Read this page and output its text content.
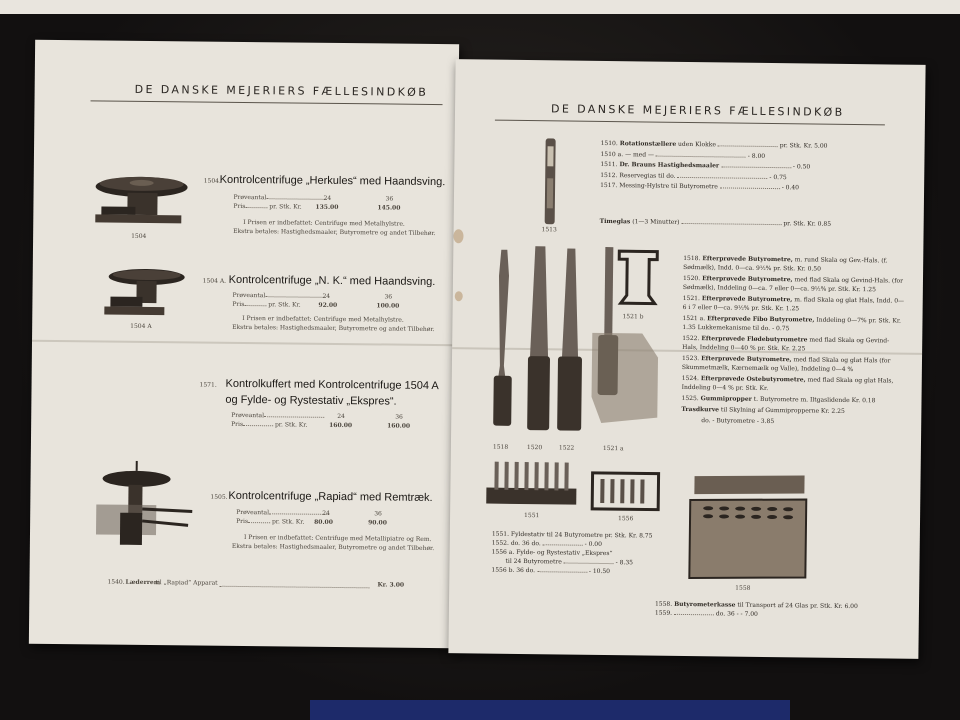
DE DANSKE MEJERIERS FÆLLESINDKØB
1504
1504.
Kontrolcentrifuge „Herkules“ med Haandsving.
Prøveantal	24	36
Pris	pr. Stk. Kr. 135.00	145.00
I Prisen er indbefattet: Centrifuge med Metalhylstre.
Ekstra betales: Hastighedsmaaler, Butyrometre og andet Tilbehør.
1504 A
1504 A. Kontrolcentrifuge „N. K.“ med Haandsving.
Prøveantal	24	36
Pris	pr. Stk. Kr.	92.00	100.00
I Prisen er indbefattet: Centrifuge med Metalhylstre.
Ekstra betales: Hastighedsmaaler, Butyrometre og andet Tilbehør.
1571. Kontrolkuffert med Kontrolcentrifuge 1504 A
og Fylde- og Rystestativ „Ekspres“.
Prøveantal	24	36
Pris	pr. Stk. Kr.	160.00	160.00
1505. Kontrolcentrifuge „Rapiad“ med Remtræk.
Prøveantal	24	36
Pris	pr. Stk. Kr. 80.00	90.00
I Prisen er indbefattet: Centrifuge med Metallipiatre og Rem.
Ekstra betales: Hastighedsmaaler, Butyrometre og andet Tilbehør.
1540. Læderrem
til „Rapiad“ Apparat	Kr. 3.00
DE DANSKE MEJERIERS FÆLLESINDKØB
1513
1510. Rotationstællere uden Klokke	pr. Stk. Kr. 5.00
1510 a. — med —	- 8.00
1511. Dr. Brauns Hastighedsmaaler	- 0.50
1512. Reservegias til do.	- 0.75
1517. Messing-Hylstre til Butyrometre	- 0.40
Timeglas (1—3 Minutter)	pr. Stk. Kr. 0.85
1518	1520	1522	1521 a
1521 b
1518. Efterprøvede Butyrometre, m. rund Skala og Gev.-Hals. (f. Sødmælk), Indd. 0—ca. 9½% pr. Stk. Kr. 0.50
1520. Efterprøvede Butyrometre, med flad Skala og Gevind-Hals. (for Sødmælk), Inddeling 0—ca. 7 eller 0—ca. 9½% pr. Stk. Kr. 1.25
1521. Efterprøvede Butyrometre, m. flad Skala og glat Hals, Indd. 0—6 i 7 eller 0—ca. 9½% pr. Stk. Kr. 1.25
1521 a. Efterprøvede Fibo Butyrometre, Inddeling 0—7% pr. Stk. Kr. 1.35 Lukkemekanisme til do. - 0.75
1522. Efterprøvede Flødebutyrometre med flad Skala og Gevind-Hals, Inddeling 0—40 % pr. Stk. Kr. 2.25
1523. Efterprøvede Butyrometre, med flad Skala og glat Hals (for Skummetmælk, Kærnemælk og Valle), Inddeling 0—4 %
1524. Efterprøvede Ostebutyrometre, med flad Skala og glat Hals, Inddeling 0—4 % pr. Stk. Kr.
1525. Gummipropper t. Butyrometre m. Iltgaslidende Kr. 0.18
Trasdkurve til Skylning af Gummipropperne Kr. 2.25
do. - Butyrometre - 3.85
1551	1556
1551. Fyldestativ til 24 Butyrometre pr. Stk. Kr. 8.75
1552. do. 36 do.	- 0.00
1556 a. Fylde- og Rystestativ „Ekspres“
til 24 Butyrometre	- 8.35
1556 b. 36 do.	- 10.50
1558
1558. Butyrometerkasse til Transport af 24 Glas pr. Stk. Kr. 6.00
1559.	do. 36 - - 7.00
